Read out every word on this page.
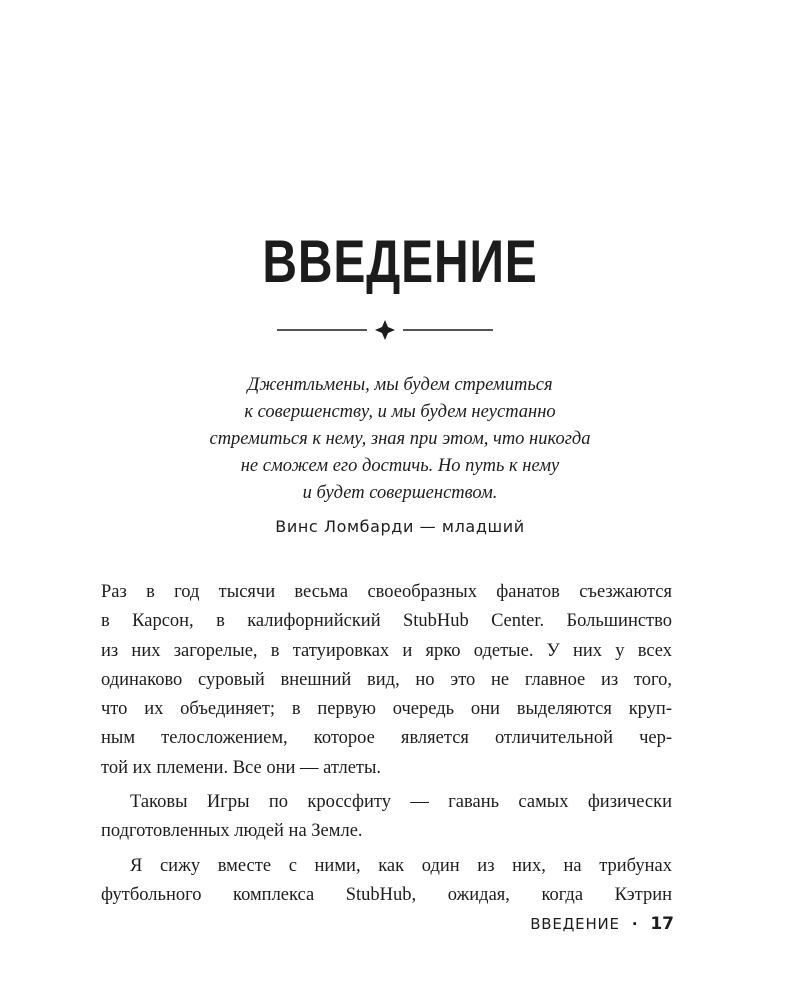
ВВЕДЕНИЕ

Джентльмены, мы будем стремиться
к совершенству, и мы будем неустанно
стремиться к нему, зная при этом, что никогда
не сможем его достичь. Но путь к нему
и будет совершенством.

Винс Ломбарди — младший

Раз в год тысячи весьма своеобразных фанатов съезжаются
в Карсон, в калифорнийский StubHub Center. Большинство
из них загорелые, в татуировках и ярко одетые. У них у всех
одинаково суровый внешний вид, но это не главное из того,
что их объединяет; в первую очередь они выделяются круп-
ным телосложением, которое является отличительной чер-
той их племени. Все они — атлеты.
Таковы Игры по кроссфиту — гавань самых физически
подготовленных людей на Земле.
Я сижу вместе с ними, как один из них, на трибунах
футбольного комплекса StubHub, ожидая, когда Кэтрин
ВВЕДЕНИЕ · 17
